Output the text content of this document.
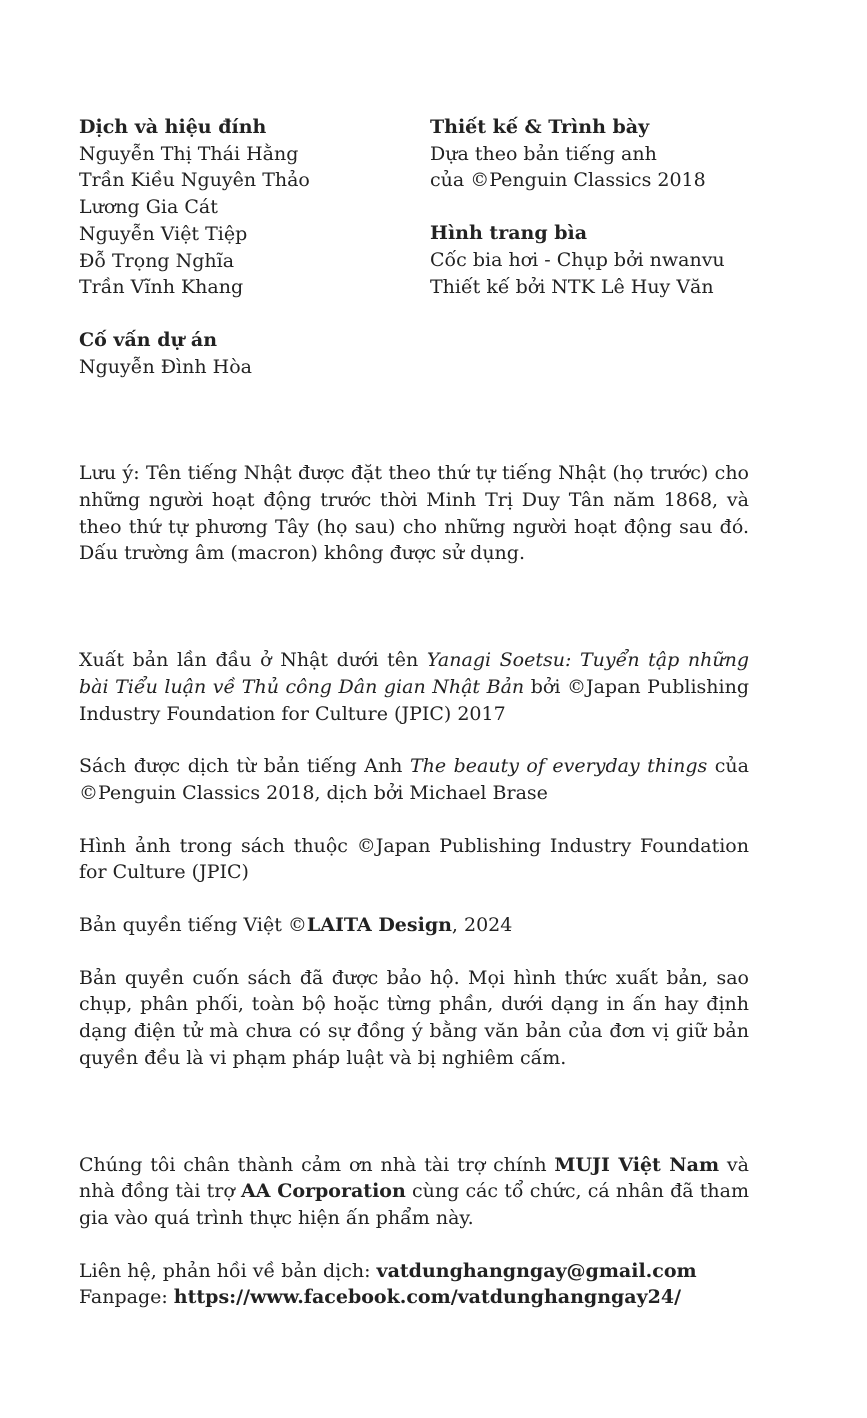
Dịch và hiệu đính
Nguyễn Thị Thái Hằng
Trần Kiều Nguyên Thảo
Lương Gia Cát
Nguyễn Việt Tiệp
Đỗ Trọng Nghĩa
Trần Vĩnh Khang
Cố vấn dự án
Nguyễn Đình Hòa
Thiết kế & Trình bày
Dựa theo bản tiếng anh
của ©Penguin Classics 2018
Hình trang bìa
Cốc bia hơi - Chụp bởi nwanvu
Thiết kế bởi NTK Lê Huy Văn

Lưu ý: Tên tiếng Nhật được đặt theo thứ tự tiếng Nhật (họ trước) cho những người hoạt động trước thời Minh Trị Duy Tân năm 1868, và theo thứ tự phương Tây (họ sau) cho những người hoạt động sau đó. Dấu trường âm (macron) không được sử dụng.

Xuất bản lần đầu ở Nhật dưới tên Yanagi Soetsu: Tuyển tập những bài Tiểu luận về Thủ công Dân gian Nhật Bản bởi ©Japan Publishing Industry Foundation for Culture (JPIC) 2017

Sách được dịch từ bản tiếng Anh The beauty of everyday things của ©Penguin Classics 2018, dịch bởi Michael Brase

Hình ảnh trong sách thuộc ©Japan Publishing Industry Foundation for Culture (JPIC)

Bản quyền tiếng Việt ©LAITA Design, 2024

Bản quyền cuốn sách đã được bảo hộ. Mọi hình thức xuất bản, sao chụp, phân phối, toàn bộ hoặc từng phần, dưới dạng in ấn hay định dạng điện tử mà chưa có sự đồng ý bằng văn bản của đơn vị giữ bản quyền đều là vi phạm pháp luật và bị nghiêm cấm.

Chúng tôi chân thành cảm ơn nhà tài trợ chính MUJI Việt Nam và nhà đồng tài trợ AA Corporation cùng các tổ chức, cá nhân đã tham gia vào quá trình thực hiện ấn phẩm này.

Liên hệ, phản hồi về bản dịch: vatdunghangngay@gmail.com
Fanpage: https://www.facebook.com/vatdunghangngay24/
